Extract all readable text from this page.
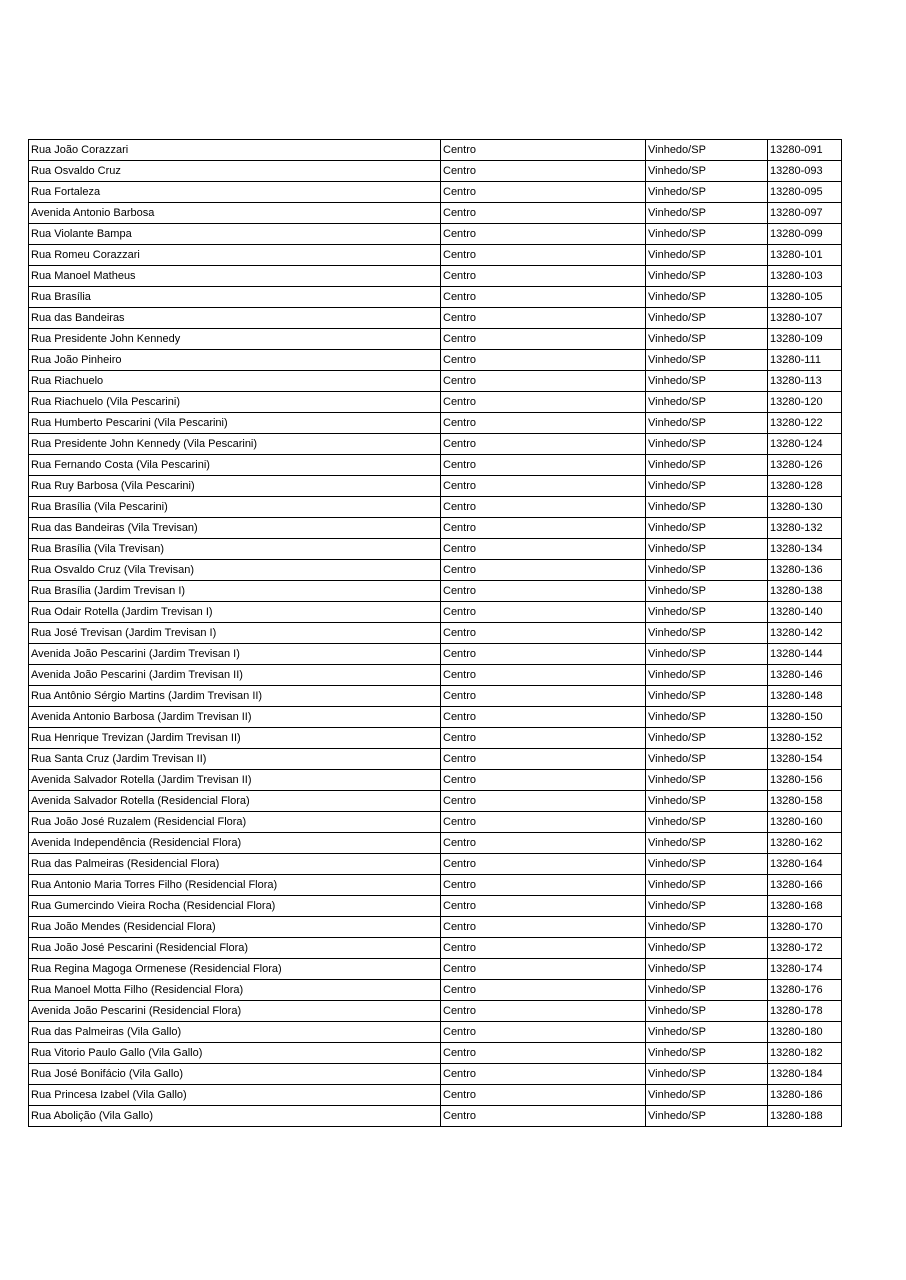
Rua João Corazzari	Centro	Vinhedo/SP	13280-091
Rua Osvaldo Cruz	Centro	Vinhedo/SP	13280-093
Rua Fortaleza	Centro	Vinhedo/SP	13280-095
Avenida Antonio Barbosa	Centro	Vinhedo/SP	13280-097
Rua Violante Bampa	Centro	Vinhedo/SP	13280-099
Rua Romeu Corazzari	Centro	Vinhedo/SP	13280-101
Rua Manoel Matheus	Centro	Vinhedo/SP	13280-103
Rua Brasília	Centro	Vinhedo/SP	13280-105
Rua das Bandeiras	Centro	Vinhedo/SP	13280-107
Rua Presidente John Kennedy	Centro	Vinhedo/SP	13280-109
Rua João Pinheiro	Centro	Vinhedo/SP	13280-111
Rua Riachuelo	Centro	Vinhedo/SP	13280-113
Rua Riachuelo (Vila Pescarini)	Centro	Vinhedo/SP	13280-120
Rua Humberto Pescarini (Vila Pescarini)	Centro	Vinhedo/SP	13280-122
Rua Presidente John Kennedy (Vila Pescarini)	Centro	Vinhedo/SP	13280-124
Rua Fernando Costa (Vila Pescarini)	Centro	Vinhedo/SP	13280-126
Rua Ruy Barbosa (Vila Pescarini)	Centro	Vinhedo/SP	13280-128
Rua Brasília (Vila Pescarini)	Centro	Vinhedo/SP	13280-130
Rua das Bandeiras (Vila Trevisan)	Centro	Vinhedo/SP	13280-132
Rua Brasília (Vila Trevisan)	Centro	Vinhedo/SP	13280-134
Rua Osvaldo Cruz (Vila Trevisan)	Centro	Vinhedo/SP	13280-136
Rua Brasília (Jardim Trevisan I)	Centro	Vinhedo/SP	13280-138
Rua Odair Rotella (Jardim Trevisan I)	Centro	Vinhedo/SP	13280-140
Rua José Trevisan (Jardim Trevisan I)	Centro	Vinhedo/SP	13280-142
Avenida João Pescarini (Jardim Trevisan I)	Centro	Vinhedo/SP	13280-144
Avenida João Pescarini (Jardim Trevisan II)	Centro	Vinhedo/SP	13280-146
Rua Antônio Sérgio Martins (Jardim Trevisan II)	Centro	Vinhedo/SP	13280-148
Avenida Antonio Barbosa (Jardim Trevisan II)	Centro	Vinhedo/SP	13280-150
Rua Henrique Trevizan (Jardim Trevisan II)	Centro	Vinhedo/SP	13280-152
Rua Santa Cruz (Jardim Trevisan II)	Centro	Vinhedo/SP	13280-154
Avenida Salvador Rotella (Jardim Trevisan II)	Centro	Vinhedo/SP	13280-156
Avenida Salvador Rotella (Residencial Flora)	Centro	Vinhedo/SP	13280-158
Rua João José Ruzalem (Residencial Flora)	Centro	Vinhedo/SP	13280-160
Avenida Independência (Residencial Flora)	Centro	Vinhedo/SP	13280-162
Rua das Palmeiras (Residencial Flora)	Centro	Vinhedo/SP	13280-164
Rua Antonio Maria Torres Filho (Residencial Flora)	Centro	Vinhedo/SP	13280-166
Rua Gumercindo Vieira Rocha (Residencial Flora)	Centro	Vinhedo/SP	13280-168
Rua João Mendes (Residencial Flora)	Centro	Vinhedo/SP	13280-170
Rua João José Pescarini (Residencial Flora)	Centro	Vinhedo/SP	13280-172
Rua Regina Magoga Ormenese (Residencial Flora)	Centro	Vinhedo/SP	13280-174
Rua Manoel Motta Filho (Residencial Flora)	Centro	Vinhedo/SP	13280-176
Avenida João Pescarini (Residencial Flora)	Centro	Vinhedo/SP	13280-178
Rua das Palmeiras (Vila Gallo)	Centro	Vinhedo/SP	13280-180
Rua Vitorio Paulo Gallo (Vila Gallo)	Centro	Vinhedo/SP	13280-182
Rua José Bonifácio (Vila Gallo)	Centro	Vinhedo/SP	13280-184
Rua Princesa Izabel (Vila Gallo)	Centro	Vinhedo/SP	13280-186
Rua Abolição (Vila Gallo)	Centro	Vinhedo/SP	13280-188
